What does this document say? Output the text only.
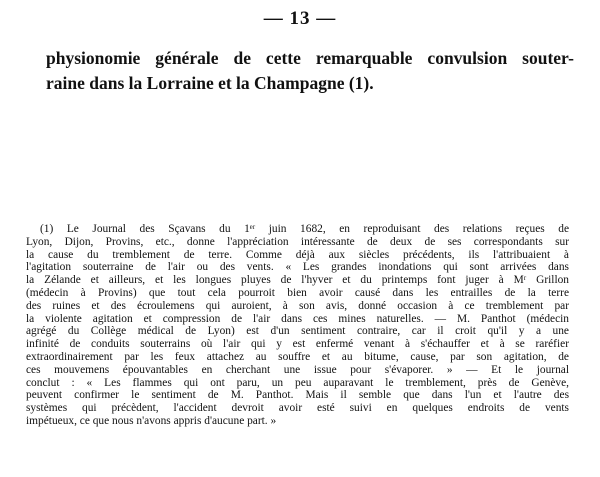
— 13 —
physionomie générale de cette remarquable convulsion souter-
raine dans la Lorraine et la Champagne (1).
(1) Le Journal des Sçavans du 1ᵉʳ juin 1682, en reproduisant des relations reçues de
Lyon, Dijon, Provins, etc., donne l'appréciation intéressante de deux de ses correspondants sur
la cause du tremblement de terre. Comme déjà aux siècles précédents, ils l'attribuaient à
l'agitation souterraine de l'air ou des vents. « Les grandes inondations qui sont arrivées dans
la Zélande et ailleurs, et les longues pluyes de l'hyver et du printemps font juger à Mʳ Grillon
(médecin à Provins) que tout cela pourroit bien avoir causé dans les entrailles de la terre
des ruines et des écroulemens qui auroient, à son avis, donné occasion à ce tremblement par
la violente agitation et compression de l'air dans ces mines naturelles. — M. Panthot (médecin
agrégé du Collège médical de Lyon) est d'un sentiment contraire, car il croit qu'il y a une
infinité de conduits souterrains où l'air qui y est enfermé venant à s'échauffer et à se raréfier
extraordinairement par les feux attachez au souffre et au bitume, cause, par son agitation, de
ces mouvemens épouvantables en cherchant une issue pour s'évaporer. » — Et le journal
conclut : « Les flammes qui ont paru, un peu auparavant le tremblement, près de Genève,
peuvent confirmer le sentiment de M. Panthot. Mais il semble que dans l'un et l'autre des
systèmes qui précèdent, l'accident devroit avoir esté suivi en quelques endroits de vents
impétueux, ce que nous n'avons appris d'aucune part. »
